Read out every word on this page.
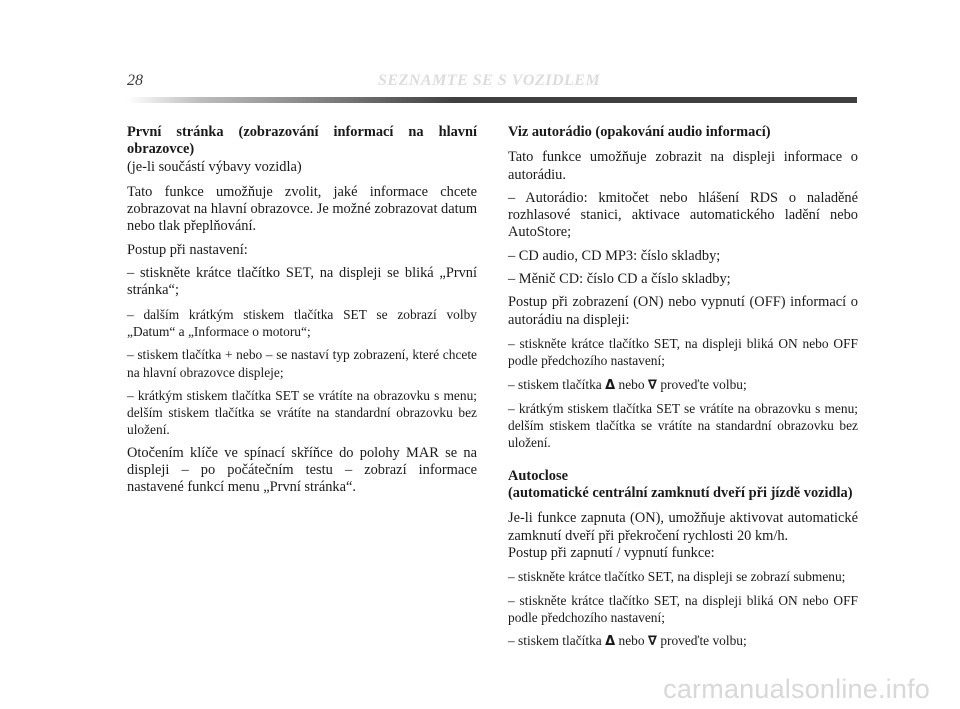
28	SEZNAMTE SE S VOZIDLEM

První stránka (zobrazování informací na hlavní obrazovce)

(je-li součástí výbavy vozidla)

Tato funkce umožňuje zvolit, jaké informace chcete zobrazovat na hlavní obrazovce. Je možné zobrazovat datum nebo tlak přeplňování.

Postup při nastavení:

– stiskněte krátce tlačítko SET, na displeji se bliká „První stránka“;

– dalším krátkým stiskem tlačítka SET se zobrazí volby „Datum“ a „Informace o motoru“;

– stiskem tlačítka + nebo – se nastaví typ zobrazení, které chcete na hlavní obrazovce displeje;

– krátkým stiskem tlačítka SET se vrátíte na obrazovku s menu; delším stiskem tlačítka se vrátíte na standardní obrazovku bez uložení.

Otočením klíče ve spínací skříňce do polohy MAR se na displeji – po počátečním testu – zobrazí informace nastavené funkcí menu „První stránka“.

Viz autorádio (opakování audio informací)

Tato funkce umožňuje zobrazit na displeji informace o autorádiu.

– Autorádio: kmitočet nebo hlášení RDS o naladěné rozhlasové stanici, aktivace automatického ladění nebo AutoStore;

– CD audio, CD MP3: číslo skladby;

– Měnič CD: číslo CD a číslo skladby;

Postup při zobrazení (ON) nebo vypnutí (OFF) informací o autorádiu na displeji:

– stiskněte krátce tlačítko SET, na displeji bliká ON nebo OFF podle předchozího nastavení;

– stiskem tlačítka Δ nebo ∇ proveďte volbu;

– krátkým stiskem tlačítka SET se vrátíte na obrazovku s menu; delším stiskem tlačítka se vrátíte na standardní obrazovku bez uložení.

Autoclose

(automatické centrální zamknutí dveří při jízdě vozidla)

Je-li funkce zapnuta (ON), umožňuje aktivovat automatické zamknutí dveří při překročení rychlosti 20 km/h.

Postup při zapnutí / vypnutí funkce:

– stiskněte krátce tlačítko SET, na displeji se zobrazí submenu;

– stiskněte krátce tlačítko SET, na displeji bliká ON nebo OFF podle předchozího nastavení;

– stiskem tlačítka Δ nebo ∇ proveďte volbu;

carmanualsonline.info
